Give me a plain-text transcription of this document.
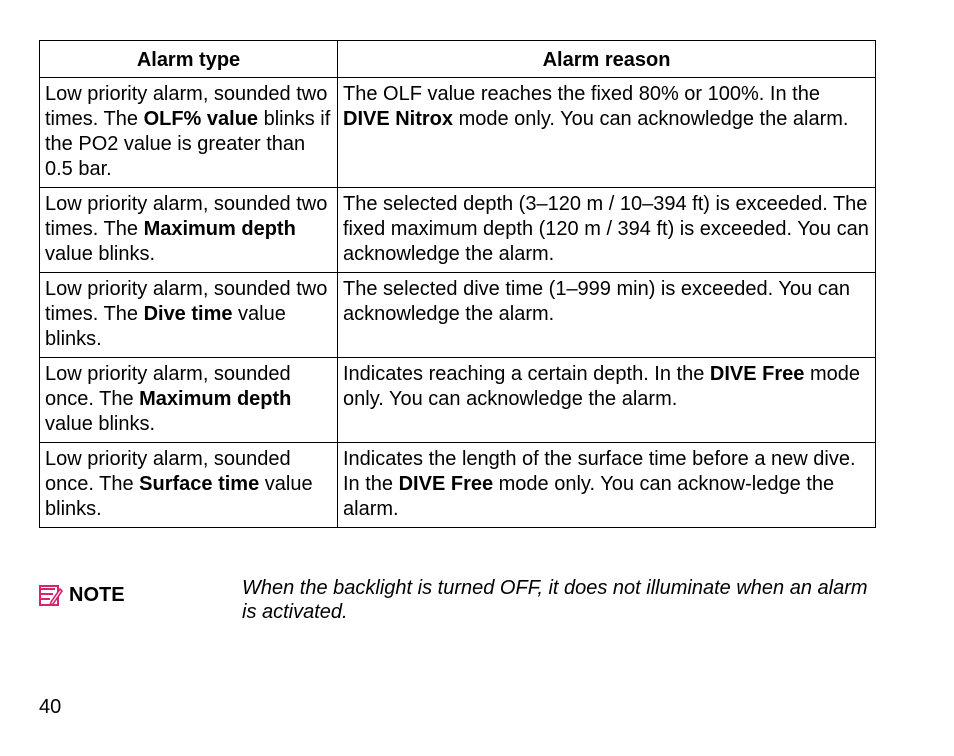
Alarm type	Alarm reason
Low priority alarm, sounded two times. The OLF% value blinks if the PO2 value is greater than 0.5 bar.	The OLF value reaches the fixed 80% or 100%. In the DIVE Nitrox mode only. You can acknowledge the alarm.
Low priority alarm, sounded two times. The Maximum depth value blinks.	The selected depth (3–120 m / 10–394 ft) is exceeded. The fixed maximum depth (120 m / 394 ft) is exceeded. You can acknowledge the alarm.
Low priority alarm, sounded two times. The Dive time value blinks.	The selected dive time (1–999 min) is exceeded. You can acknowledge the alarm.
Low priority alarm, sounded once. The Maximum depth value blinks.	Indicates reaching a certain depth. In the DIVE Free mode only. You can acknowledge the alarm.
Low priority alarm, sounded once. The Surface time value blinks.	Indicates the length of the surface time before a new dive. In the DIVE Free mode only. You can acknow-ledge the alarm.
NOTE	When the backlight is turned OFF, it does not illuminate when an alarm is activated.
40
